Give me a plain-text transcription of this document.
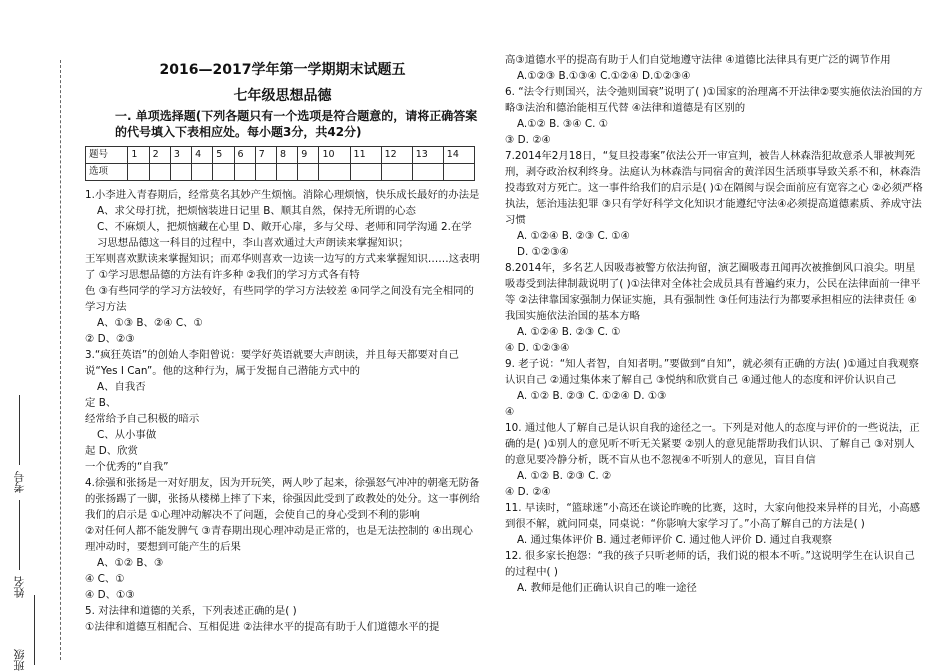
考号
姓名
班级
2016—2017学年第一学期期末试题五
七年级思想品德
一. 单项选择题(下列各题只有一个选项是符合题意的，请将正确答案的代号填入下表相应处。每小题3分，共42分)
题号	1	2	3	4	5	6	7	8	9	10	11	12	13	14
选项														

1.小李进入青春期后，经常莫名其妙产生烦恼。消除心理烦恼，快乐成长最好的办法是

A、求父母打扰，把烦恼装进日记里 B、顺其自然，保持无所谓的心态

C、不麻烦人，把烦恼藏在心里 D、敞开心扉，多与父母、老师和同学沟通 2.在学习思想品德这一科目的过程中，李山喜欢通过大声朗读来掌握知识；

王军则喜欢默读来掌握知识；而邓华则喜欢一边读一边写的方式来掌握知识……这表明了 ①学习思想品德的方法有许多种 ②我们的学习方式各有特

色 ③有些同学的学习方法较好，有些同学的学习方法较差 ④同学之间没有完全相同的学习方法

A、①③ B、②④ C、①

② D、②③

3.“疯狂英语”的创始人李阳曾说：要学好英语就要大声朗读，并且每天都要对自己说“Yes I Can”。他的这种行为，属于发掘自己潜能方式中的

A、自我否

定 B、

经常给予自己积极的暗示

C、从小事做

起 D、欣赏

一个优秀的“自我”

4.徐强和张扬是一对好朋友，因为开玩笑，两人吵了起来，徐强怒气冲冲的朝毫无防备的张扬踢了一脚，张扬从楼梯上摔了下来，徐强因此受到了政教处的处分。这一事例给我们的启示是 ①心理冲动解决不了问题，会使自己的身心受到不利的影响

②对任何人都不能发脾气 ③青春期出现心理冲动是正常的，也是无法控制的 ④出现心理冲动时，要想到可能产生的后果

A、①② B、③

④ C、①

④ D、①③

5. 对法律和道德的关系，下列表述正确的是( )

①法律和道德互相配合、互相促进 ②法律水平的提高有助于人们道德水平的提

高③道德水平的提高有助于人们自觉地遵守法律 ④道德比法律具有更广泛的调节作用

A.①②③ B.①③④ C.①②④ D.①②③④

6. “法令行则国兴，法令弛则国衰”说明了( )①国家的治理离不开法律②要实施依法治国的方略③法治和德治能相互代替 ④法律和道德是有区别的

A.①② B. ③④ C. ①

③ D. ②④

7.2014年2月18日，“复旦投毒案”依法公开一审宣判，被告人林森浩犯故意杀人罪被判死刑，剥夺政治权利终身。法庭认为林森浩与同宿舍的黄洋因生活琐事导致关系不和，林森浩投毒致对方死亡。这一事件给我们的启示是( )①在隔阂与误会面前应有宽容之心 ②必须严格执法，惩治违法犯罪 ③只有学好科学文化知识才能遵纪守法④必须提高道德素质、养成守法习惯

A. ①②④ B. ②③ C. ①④

D. ①②③④

8.2014年，多名艺人因吸毒被警方依法拘留，演艺圈吸毒丑闻再次被推倒风口浪尖。明星吸毒受到法律制裁说明了( )①法律对全体社会成员具有普遍约束力，公民在法律面前一律平等 ②法律靠国家强制力保证实施，具有强制性 ③任何违法行为都要承担相应的法律责任 ④我国实施依法治国的基本方略

A. ①②④ B. ②③ C. ①

④ D. ①②③④

9. 老子说：“知人者智，自知者明。”要做到“自知”，就必须有正确的方法( )①通过自我观察认识自己 ②通过集体来了解自己 ③悦纳和欣赏自己 ④通过他人的态度和评价认识自己

A. ①② B. ②③ C. ①②④ D. ①③

④

10. 通过他人了解自己是认识自我的途径之一。下列是对他人的态度与评价的一些说法，正确的是( )①别人的意见听不听无关紧要 ②别人的意见能帮助我们认识、了解自己 ③对别人的意见要冷静分析，既不盲从也不忽视④不听别人的意见，盲目自信

A. ①② B. ②③ C. ②

④ D. ②④

11. 早读时，“篮球迷”小高还在谈论昨晚的比赛，这时，大家向他投来异样的目光，小高感到很不解，就问同桌，同桌说：“你影响大家学习了。”小高了解自己的方法是( )

A. 通过集体评价 B. 通过老师评价 C. 通过他人评价 D. 通过自我观察

12. 很多家长抱怨：“我的孩子只听老师的话，我们说的根本不听。”这说明学生在认识自己的过程中( )

A. 教师是他们正确认识自己的唯一途径
